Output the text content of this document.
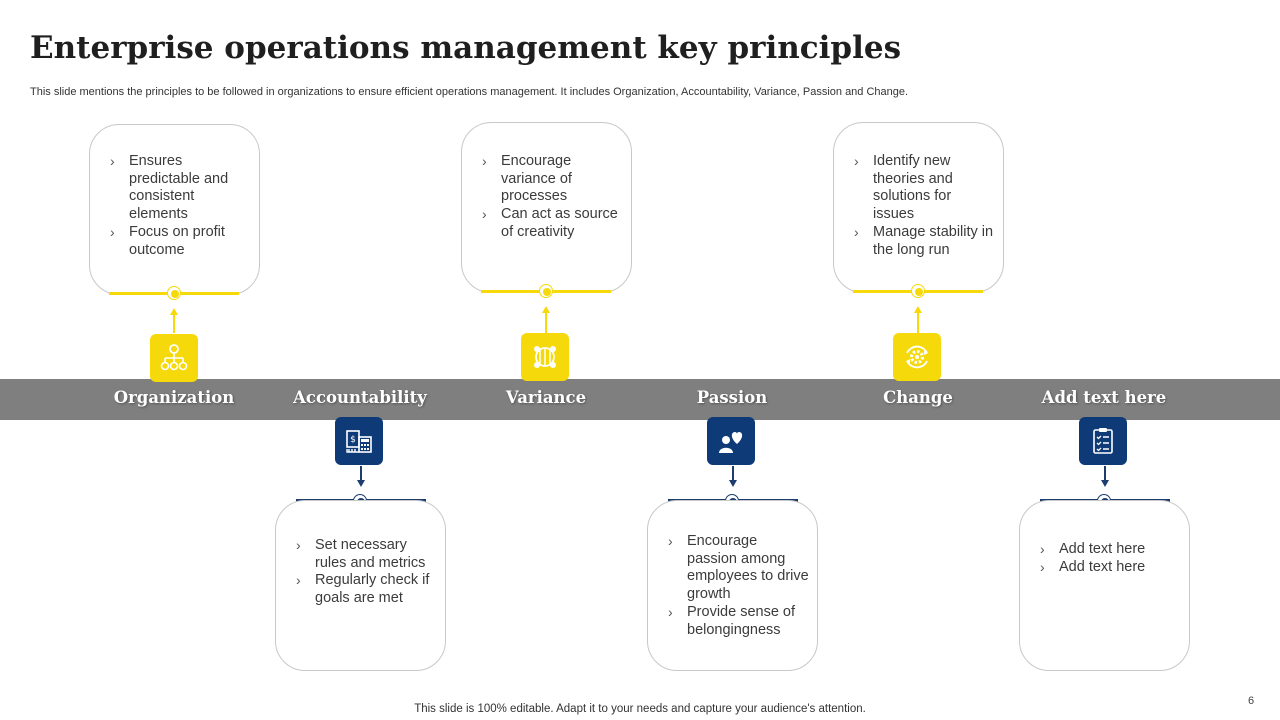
Enterprise operations management key principles
This slide mentions the principles to be followed in organizations to ensure efficient operations management. It includes Organization, Accountability, Variance, Passion and Change.
Organization	Accountability	Variance	Passion	Change	Add text here
› Ensures predictable and consistent elements
› Focus on profit outcome
$
› Set necessary rules and metrics
› Regularly check if goals are met
› Encourage variance of processes
› Can act as source of creativity
› Encourage passion among employees to drive growth
› Provide sense of belongingness
› Identify new theories and solutions for issues
› Manage stability in the long run
› Add text here
› Add text here
This slide is 100% editable. Adapt it to your needs and capture your audience's attention.
6
